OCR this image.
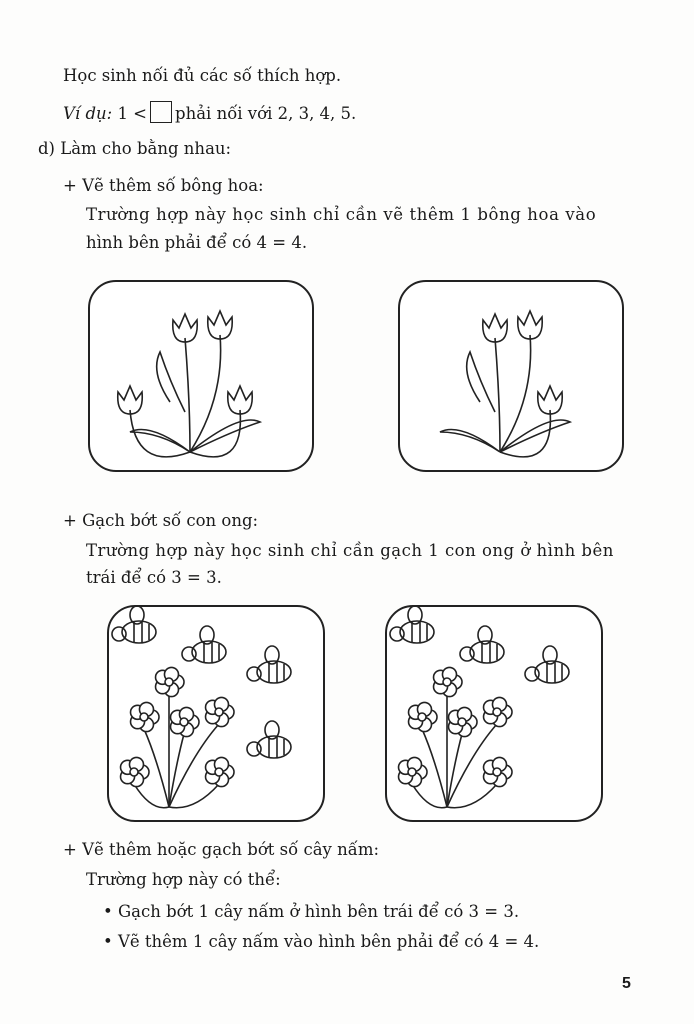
Học sinh nối đủ các số thích hợp.
Ví dụ: 1 < phải nối với 2, 3, 4, 5.
d) Làm cho bằng nhau:
+ Vẽ thêm số bông hoa:
Trường hợp này học sinh chỉ cần vẽ thêm 1 bông hoa vào
hình bên phải để có 4 = 4.
+ Gạch bớt số con ong:
Trường hợp này học sinh chỉ cần gạch 1 con ong ở hình bên
trái để có 3 = 3.
+ Vẽ thêm hoặc gạch bớt số cây nấm:
Trường hợp này có thể:
• Gạch bớt 1 cây nấm ở hình bên trái để có 3 = 3.
• Vẽ thêm 1 cây nấm vào hình bên phải để có 4 = 4.
5
